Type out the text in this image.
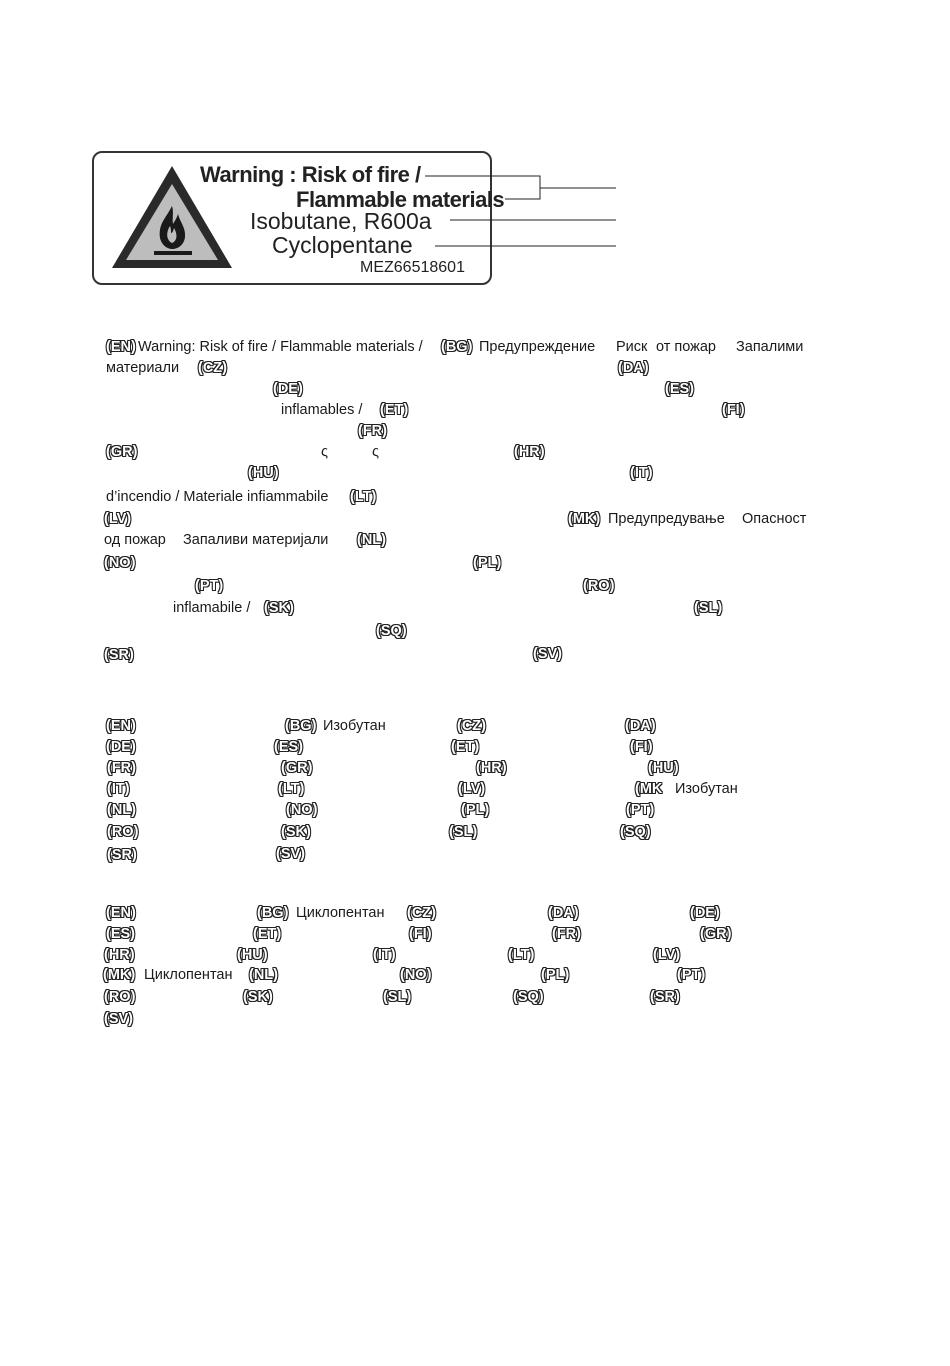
Warning : Risk of fire /
Flammable materials
Isobutane, R600a
Cyclopentane
MEZ66518601
(EN) Warning: Risk of fire / Flammable materials / (BG) Предупреждение Риск от пожар Запалими
материали (CZ)	(DA)
(DE)	(ES)
inflamables / (ET)	(FI)
(FR)
(GR)	ς	ς	(HR)
(HU)	(IT)
d’incendio / Materiale infiammabile (LT)
(LV)	(MK) Предупредување Опасност
од пожар Запаливи материјали (NL)
(NO)	(PL)
(PT)	(RO)
inflamabile / (SK)	(SL)
(SQ)
(SR)	(SV)
(EN)	(BG) Изобутан	(CZ)	(DA)
(DE)	(ES)	(ET)	(FI)
(FR)	(GR)	(HR)	(HU)
(IT)	(LT)	(LV)	(MK Изобутан
(NL)	(NO)	(PL)	(PT)
(RO)	(SK)	(SL)	(SQ)
(SR)	(SV)
(EN)	(BG) Циклопентан (CZ)	(DA)	(DE)
(ES)	(ET)	(FI)	(FR)	(GR)
(HR)	(HU)	(IT)	(LT)	(LV)
(MK) Циклопентан (NL)	(NO)	(PL)	(PT)
(RO)	(SK)	(SL)	(SQ)	(SR)
(SV)
